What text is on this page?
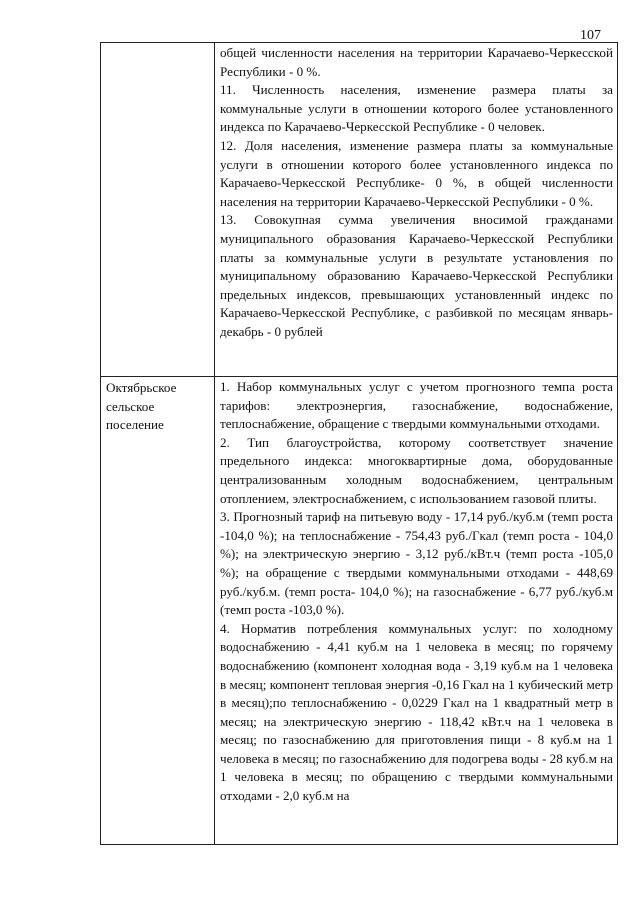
107

	общей численности населения на территории Карачаево-Черкесской Республики - 0 %.

11. Численность населения, изменение размера платы за коммунальные услуги в отношении которого более установленного индекса по Карачаево-Черкесской Республике - 0 человек.

12. Доля населения, изменение размера платы за коммунальные услуги в отношении которого более установленного индекса по Карачаево-Черкесской Республике- 0 %, в общей численности населения на территории Карачаево-Черкесской Республики - 0 %.

13. Совокупная сумма увеличения вносимой гражданами муниципального образования Карачаево-Черкесской Республики платы за коммунальные услуги в результате установления по муниципальному образованию Карачаево-Черкесской Республики предельных индексов, превышающих установленный индекс по Карачаево-Черкесской Республике, с разбивкой по месяцам январь-декабрь - 0 рублей

Октябрьское сельское поселение	1. Набор коммунальных услуг с учетом прогнозного темпа роста тарифов: электроэнергия, газоснабжение, водоснабжение, теплоснабжение, обращение с твердыми коммунальными отходами.

2. Тип благоустройства, которому соответствует значение предельного индекса: многоквартирные дома, оборудованные централизованным холодным водоснабжением, центральным отоплением, электроснабжением, с использованием газовой плиты.

3. Прогнозный тариф на питьевую воду - 17,14 руб./куб.м (темп роста -104,0 %); на теплоснабжение - 754,43 руб./Гкал (темп роста - 104,0 %); на электрическую энергию - 3,12 руб./кВт.ч (темп роста -105,0 %); на обращение с твердыми коммунальными отходами - 448,69 руб./куб.м. (темп роста- 104,0 %); на газоснабжение - 6,77 руб./куб.м (темп роста -103,0 %).

4. Норматив потребления коммунальных услуг: по холодному водоснабжению - 4,41 куб.м на 1 человека в месяц; по горячему водоснабжению (компонент холодная вода - 3,19 куб.м на 1 человека в месяц; компонент тепловая энергия -0,16 Гкал на 1 кубический метр в месяц);по теплоснабжению - 0,0229 Гкал на 1 квадратный метр в месяц; на электрическую энергию - 118,42 кВт.ч на 1 человека в месяц; по газоснабжению для приготовления пищи - 8 куб.м на 1 человека в месяц; по газоснабжению для подогрева воды - 28 куб.м на 1 человека в месяц; по обращению с твердыми коммунальными отходами - 2,0 куб.м на
